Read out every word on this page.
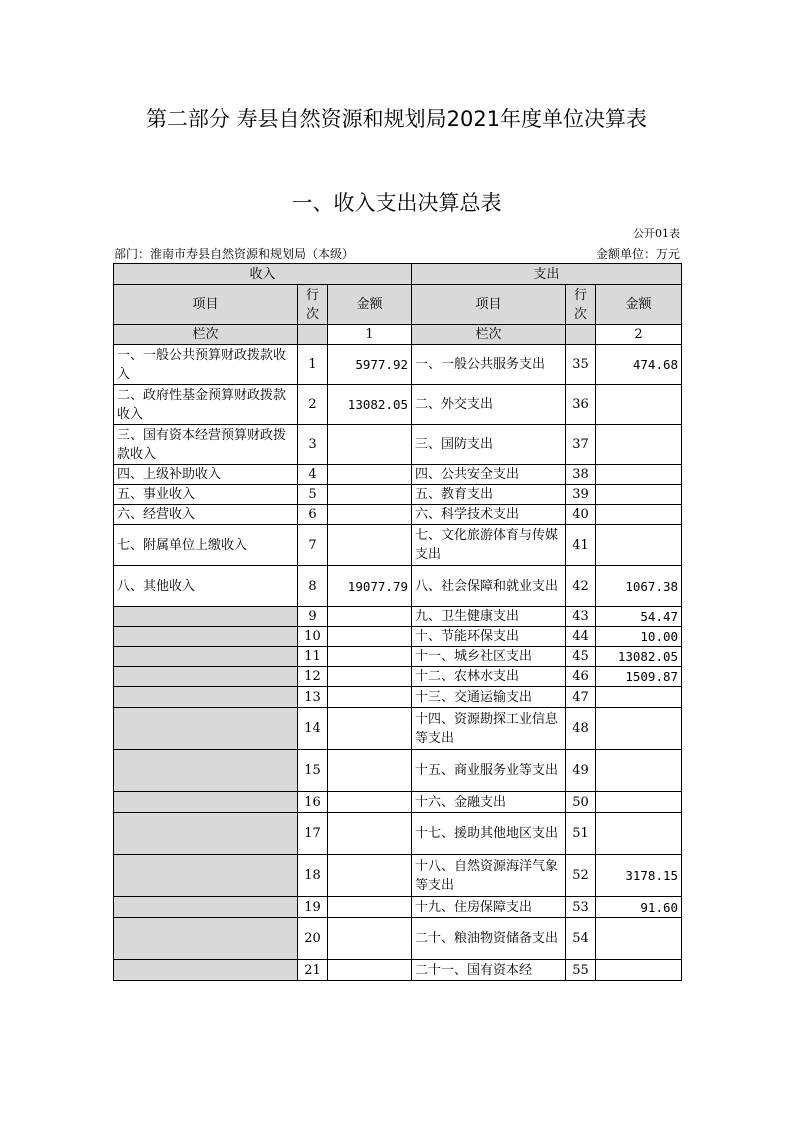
第二部分 寿县自然资源和规划局2021年度单位决算表
一、收入支出决算总表
公开01表
部门：淮南市寿县自然资源和规划局（本级）	金额单位：万元
收入			支出		
项目	行次	金额	项目	行次	金额
栏次		1	栏次		2
一、一般公共预算财政拨款收入	1	5977.92	一、一般公共服务支出	35	474.68
二、政府性基金预算财政拨款收入	2	13082.05	二、外交支出	36	
三、国有资本经营预算财政拨款收入	3		三、国防支出	37	
四、上级补助收入	4		四、公共安全支出	38	
五、事业收入	5		五、教育支出	39	
六、经营收入	6		六、科学技术支出	40	
七、附属单位上缴收入	7		七、文化旅游体育与传媒支出	41	
八、其他收入	8	19077.79	八、社会保障和就业支出	42	1067.38
	9		九、卫生健康支出	43	54.47
	10		十、节能环保支出	44	10.00
	11		十一、城乡社区支出	45	13082.05
	12		十二、农林水支出	46	1509.87
	13		十三、交通运输支出	47	
	14		十四、资源勘探工业信息等支出	48	
	15		十五、商业服务业等支出	49	
	16		十六、金融支出	50	
	17		十七、援助其他地区支出	51	
	18		十八、自然资源海洋气象等支出	52	3178.15
	19		十九、住房保障支出	53	91.60
	20		二十、粮油物资储备支出	54	
	21		二十一、国有资本经	55	
